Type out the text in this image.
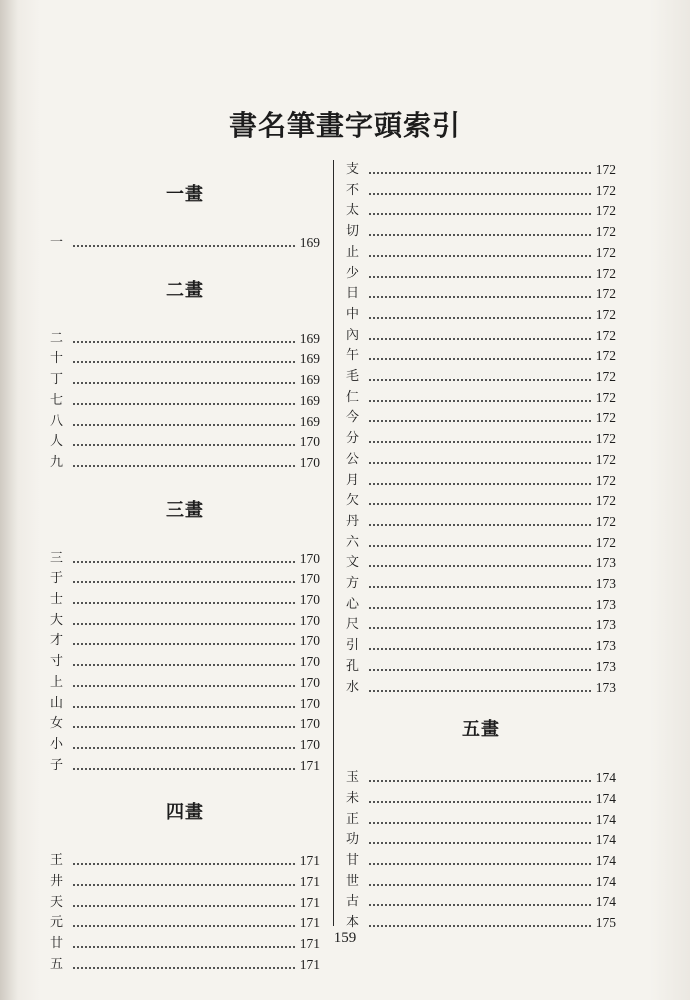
書名筆畫字頭索引
一畫
一	169
二畫
二	169
十	169
丁	169
七	169
八	169
人	170
九	170
三畫
三	170
于	170
士	170
大	170
才	170
寸	170
上	170
山	170
女	170
小	170
子	171
四畫
王	171
井	171
天	171
元	171
廿	171
五	171
支	172
不	172
太	172
切	172
止	172
少	172
日	172
中	172
內	172
午	172
毛	172
仁	172
今	172
分	172
公	172
月	172
欠	172
丹	172
六	172
文	173
方	173
心	173
尺	173
引	173
孔	173
水	173
五畫
玉	174
未	174
正	174
功	174
甘	174
世	174
古	174
本	175
159
